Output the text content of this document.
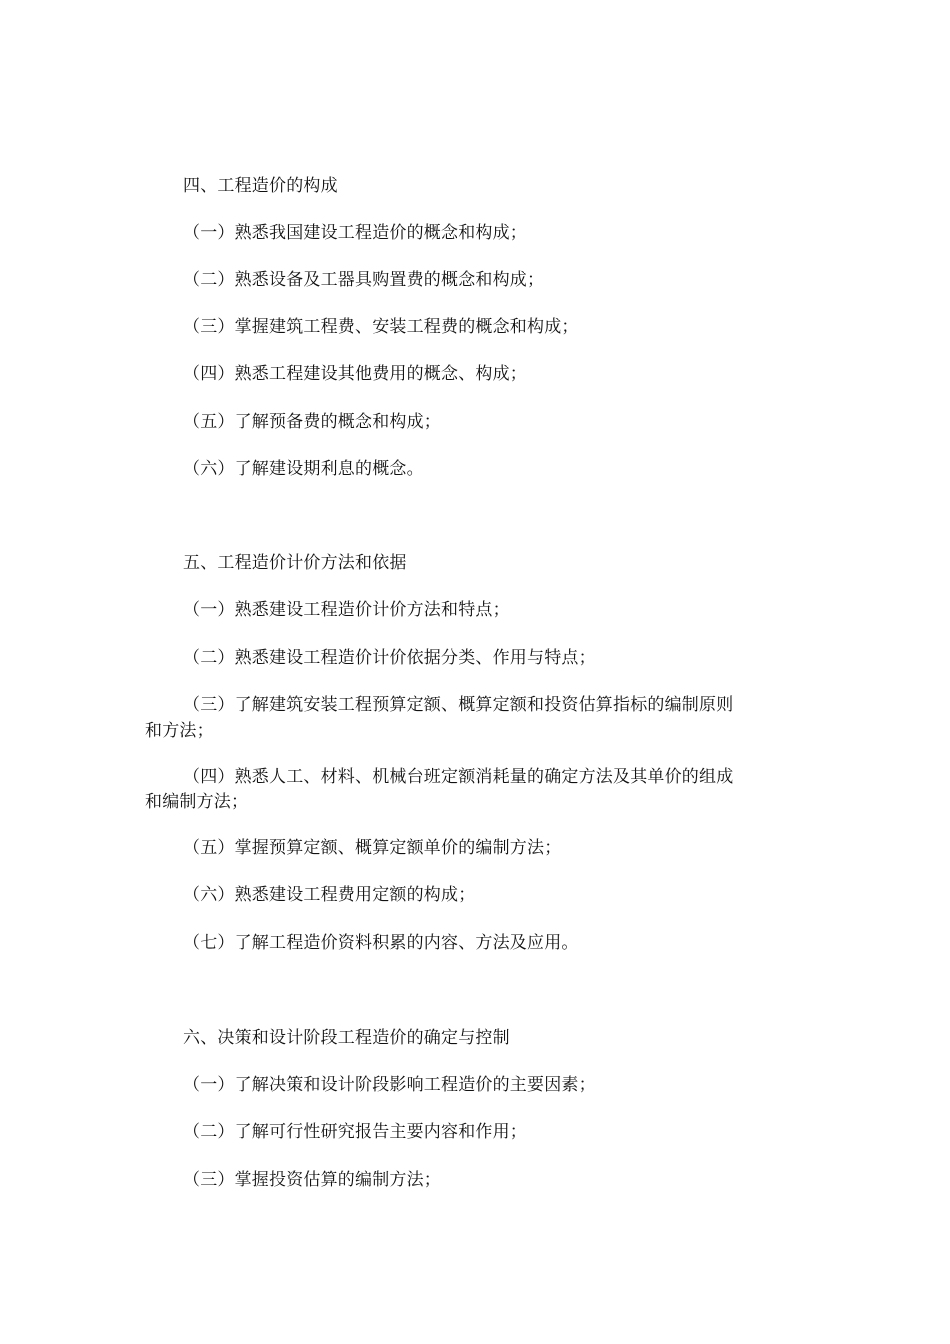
四、工程造价的构成
（一）熟悉我国建设工程造价的概念和构成；
（二）熟悉设备及工器具购置费的概念和构成；
（三）掌握建筑工程费、安装工程费的概念和构成；
（四）熟悉工程建设其他费用的概念、构成；
（五）了解预备费的概念和构成；
（六）了解建设期利息的概念。
五、工程造价计价方法和依据
（一）熟悉建设工程造价计价方法和特点；
（二）熟悉建设工程造价计价依据分类、作用与特点；
（三）了解建筑安装工程预算定额、概算定额和投资估算指标的编制原则
和方法；
（四）熟悉人工、材料、机械台班定额消耗量的确定方法及其单价的组成
和编制方法；
（五）掌握预算定额、概算定额单价的编制方法；
（六）熟悉建设工程费用定额的构成；
（七）了解工程造价资料积累的内容、方法及应用。
六、决策和设计阶段工程造价的确定与控制
（一）了解决策和设计阶段影响工程造价的主要因素；
（二）了解可行性研究报告主要内容和作用；
（三）掌握投资估算的编制方法；
